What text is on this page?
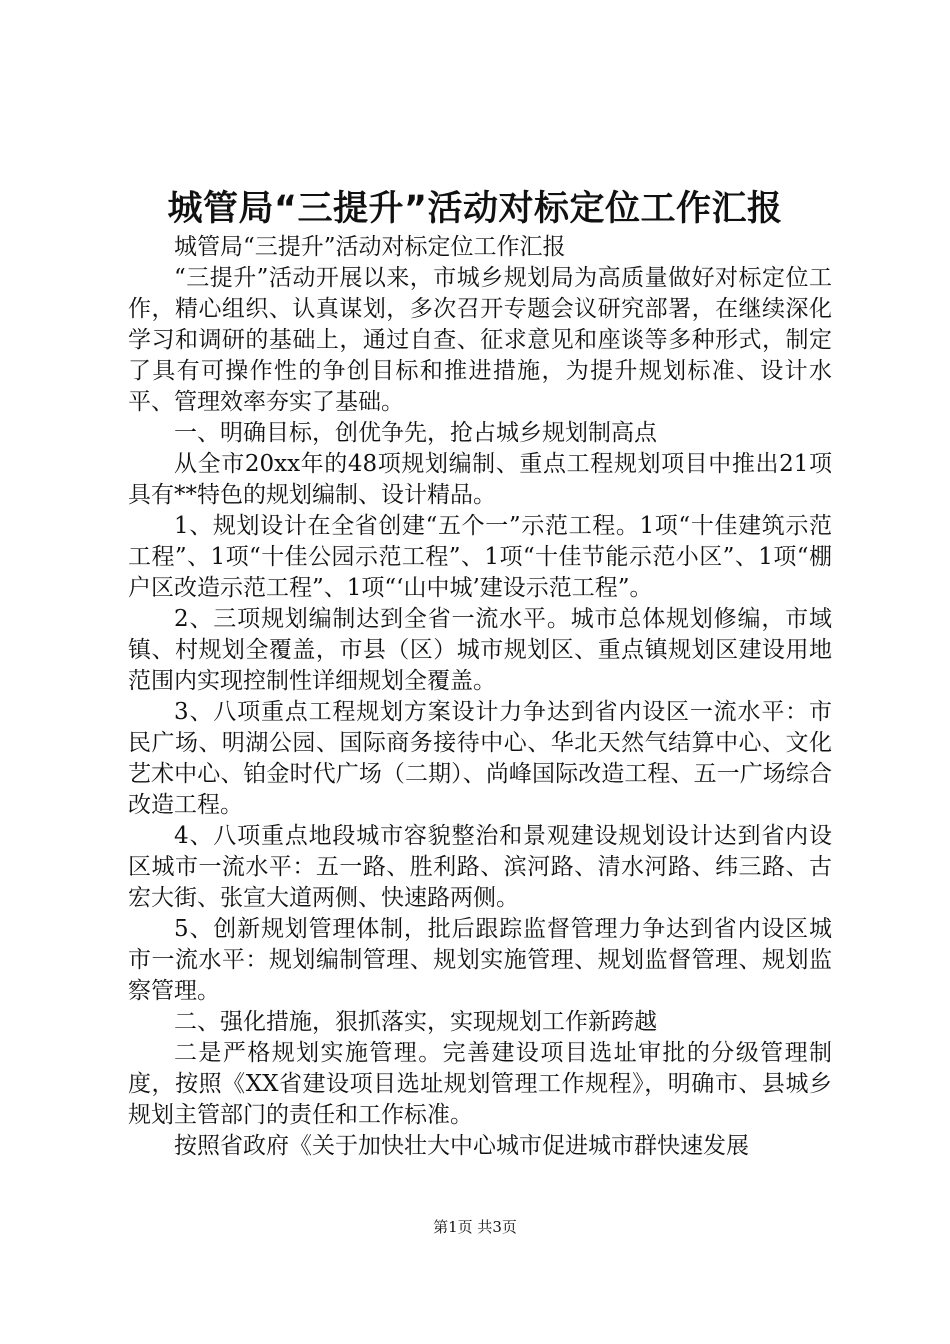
城管局“三提升”活动对标定位工作汇报

城管局“三提升”活动对标定位工作汇报

“三提升”活动开展以来，市城乡规划局为高质量做好对标定位工作，精心组织、认真谋划，多次召开专题会议研究部署，在继续深化学习和调研的基础上，通过自查、征求意见和座谈等多种形式，制定了具有可操作性的争创目标和推进措施，为提升规划标准、设计水平、管理效率夯实了基础。

一、明确目标，创优争先，抢占城乡规划制高点

从全市20xx年的48项规划编制、重点工程规划项目中推出21项具有**特色的规划编制、设计精品。

1、规划设计在全省创建“五个一”示范工程。1项“十佳建筑示范工程”、1项“十佳公园示范工程”、1项“十佳节能示范小区”、1项“棚户区改造示范工程”、1项“‘山中城’建设示范工程”。

2、三项规划编制达到全省一流水平。城市总体规划修编，市域镇、村规划全覆盖，市县（区）城市规划区、重点镇规划区建设用地范围内实现控制性详细规划全覆盖。

3、八项重点工程规划方案设计力争达到省内设区一流水平：市民广场、明湖公园、国际商务接待中心、华北天然气结算中心、文化艺术中心、铂金时代广场（二期）、尚峰国际改造工程、五一广场综合改造工程。

4、八项重点地段城市容貌整治和景观建设规划设计达到省内设区城市一流水平：五一路、胜利路、滨河路、清水河路、纬三路、古宏大街、张宣大道两侧、快速路两侧。

5、创新规划管理体制，批后跟踪监督管理力争达到省内设区城市一流水平：规划编制管理、规划实施管理、规划监督管理、规划监察管理。

二、强化措施，狠抓落实，实现规划工作新跨越

二是严格规划实施管理。完善建设项目选址审批的分级管理制度，按照《XX省建设项目选址规划管理工作规程》，明确市、县城乡规划主管部门的责任和工作标准。

按照省政府《关于加快壮大中心城市促进城市群快速发展

第1页 共3页
